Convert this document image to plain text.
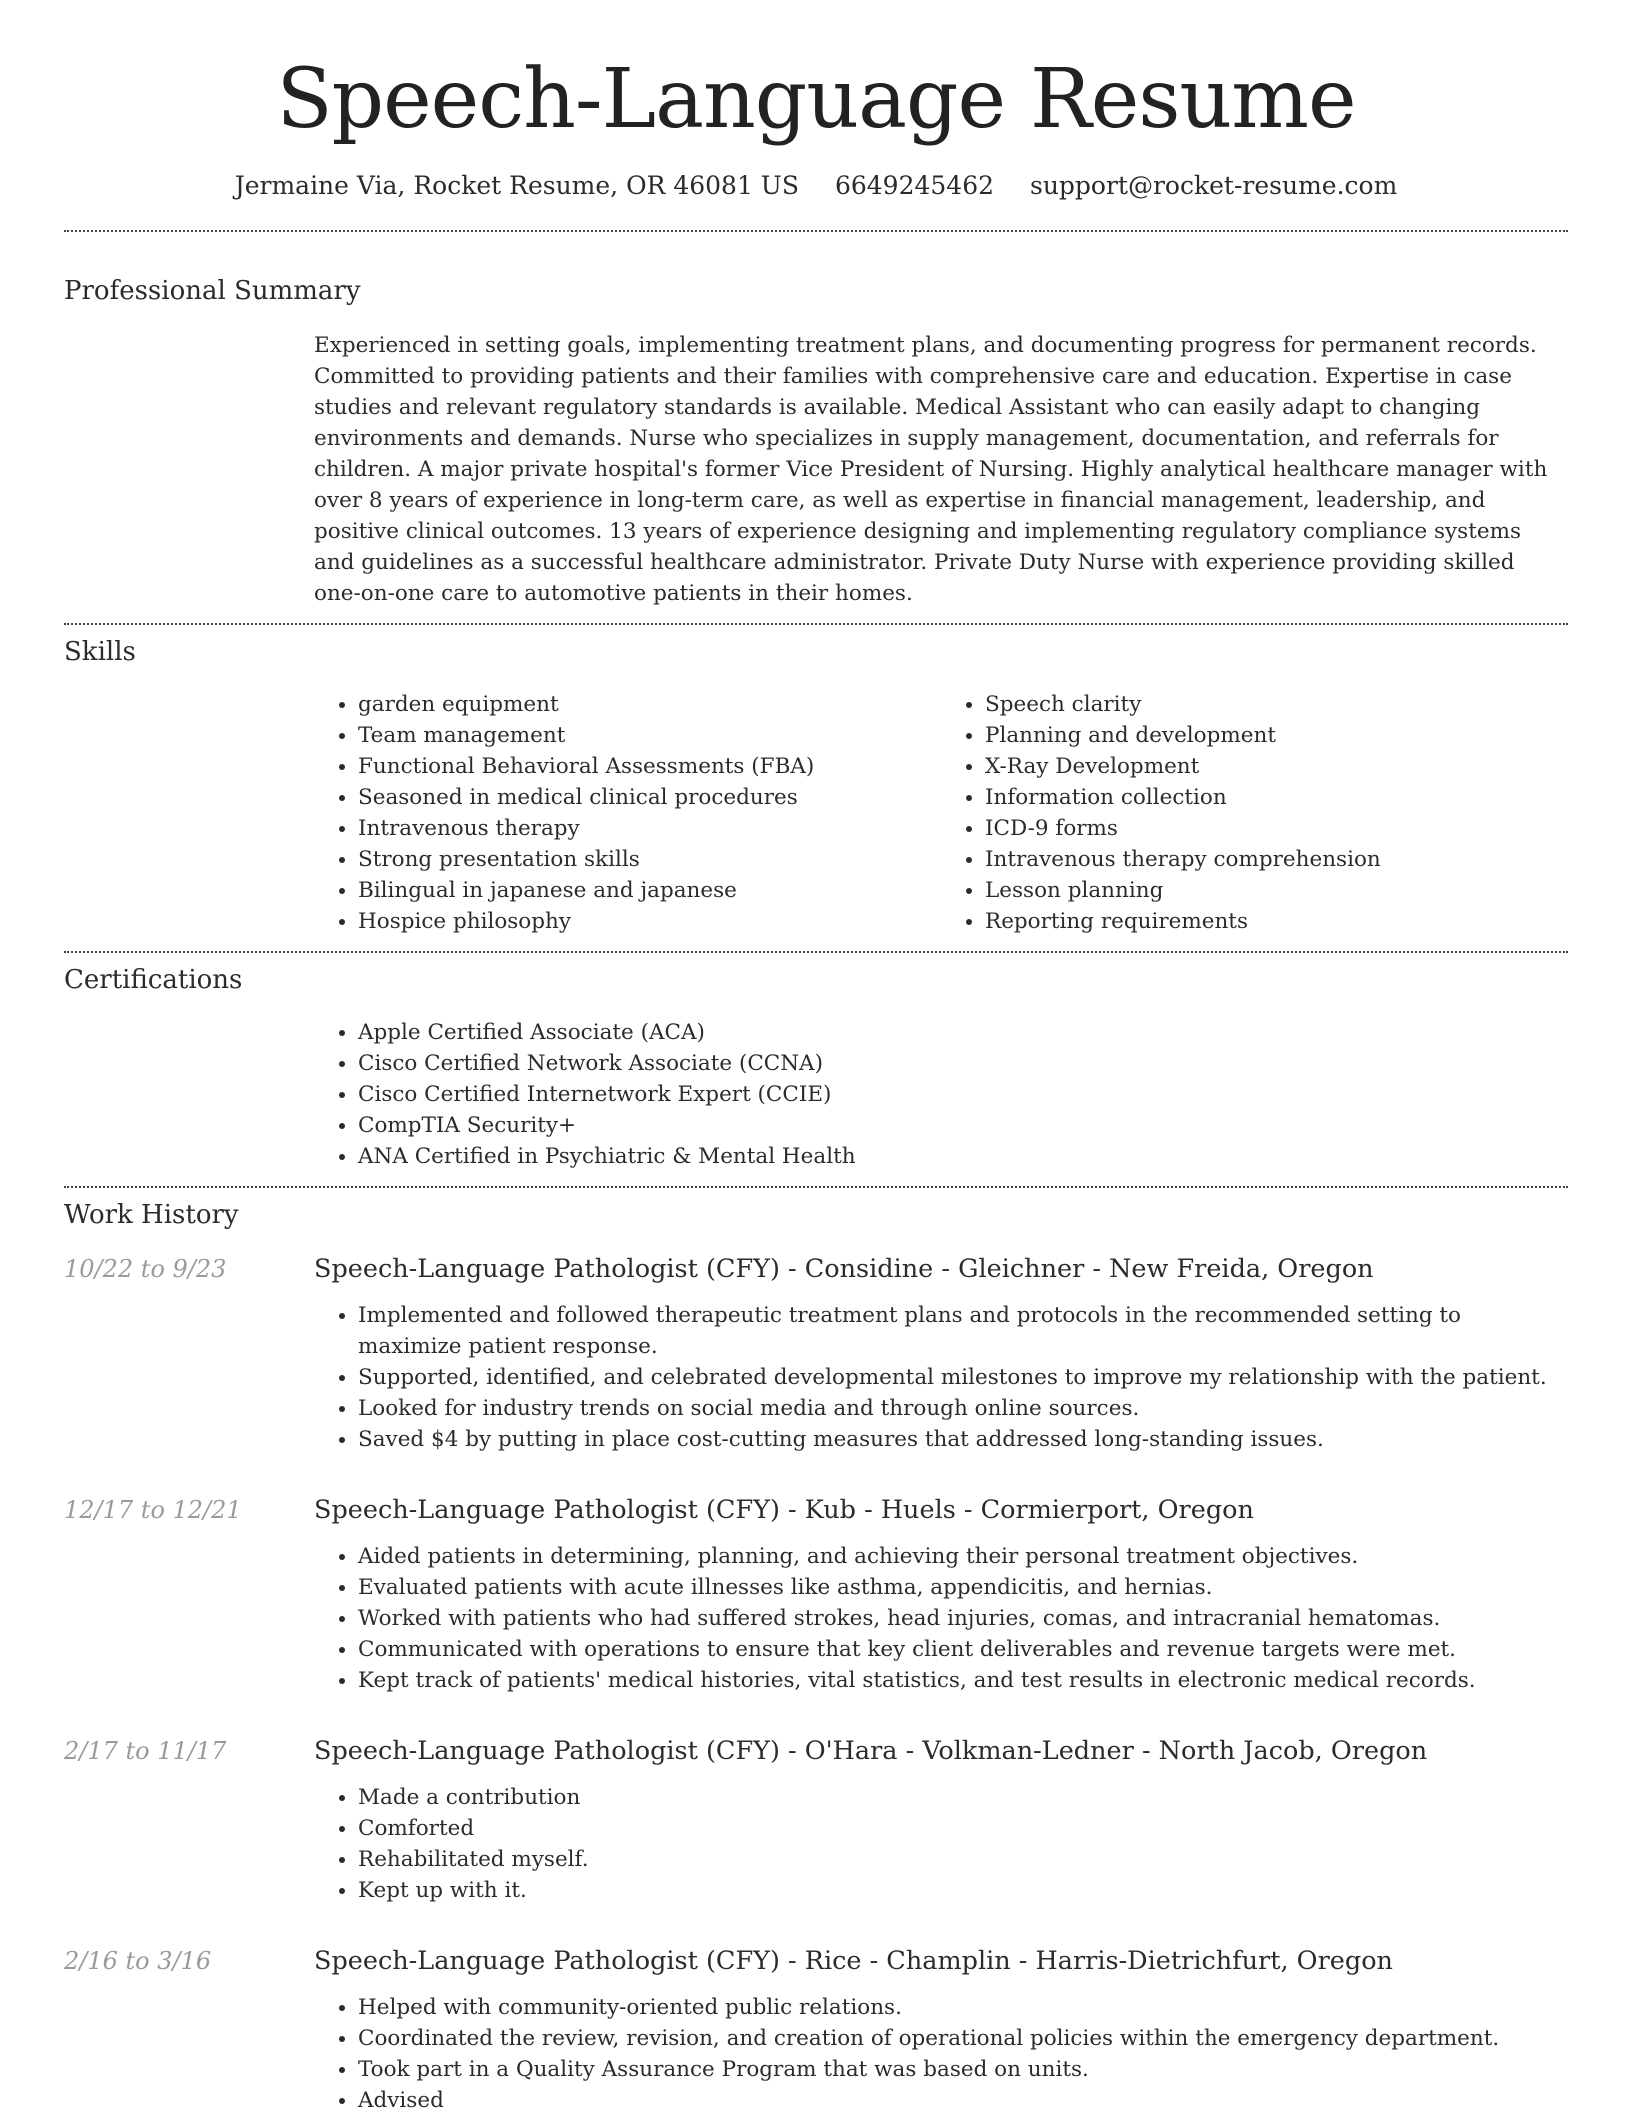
Speech-Language Resume
Jermaine Via, Rocket Resume, OR 46081 US 6649245462 support@rocket-resume.com
Professional Summary
Experienced in setting goals, implementing treatment plans, and documenting progress for permanent records. Committed to providing patients and their families with comprehensive care and education. Expertise in case studies and relevant regulatory standards is available. Medical Assistant who can easily adapt to changing environments and demands. Nurse who specializes in supply management, documentation, and referrals for children. A major private hospital's former Vice President of Nursing. Highly analytical healthcare manager with over 8 years of experience in long-term care, as well as expertise in financial management, leadership, and positive clinical outcomes. 13 years of experience designing and implementing regulatory compliance systems and guidelines as a successful healthcare administrator. Private Duty Nurse with experience providing skilled one-on-one care to automotive patients in their homes.
Skills
• garden equipment
• Team management
• Functional Behavioral Assessments (FBA)
• Seasoned in medical clinical procedures
• Intravenous therapy
• Strong presentation skills
• Bilingual in japanese and japanese
• Hospice philosophy
• Speech clarity
• Planning and development
• X-Ray Development
• Information collection
• ICD-9 forms
• Intravenous therapy comprehension
• Lesson planning
• Reporting requirements
Certifications
• Apple Certified Associate (ACA)
• Cisco Certified Network Associate (CCNA)
• Cisco Certified Internetwork Expert (CCIE)
• CompTIA Security+
• ANA Certified in Psychiatric & Mental Health
Work History
10/22 to 9/23	Speech-Language Pathologist (CFY) - Considine - Gleichner - New Freida, Oregon
• Implemented and followed therapeutic treatment plans and protocols in the recommended setting to maximize patient response.
• Supported, identified, and celebrated developmental milestones to improve my relationship with the patient.
• Looked for industry trends on social media and through online sources.
• Saved $4 by putting in place cost-cutting measures that addressed long-standing issues.
12/17 to 12/21	Speech-Language Pathologist (CFY) - Kub - Huels - Cormierport, Oregon
• Aided patients in determining, planning, and achieving their personal treatment objectives.
• Evaluated patients with acute illnesses like asthma, appendicitis, and hernias.
• Worked with patients who had suffered strokes, head injuries, comas, and intracranial hematomas.
• Communicated with operations to ensure that key client deliverables and revenue targets were met.
• Kept track of patients' medical histories, vital statistics, and test results in electronic medical records.
2/17 to 11/17	Speech-Language Pathologist (CFY) - O'Hara - Volkman-Ledner - North Jacob, Oregon
• Made a contribution
• Comforted
• Rehabilitated myself.
• Kept up with it.
2/16 to 3/16	Speech-Language Pathologist (CFY) - Rice - Champlin - Harris-Dietrichfurt, Oregon
• Helped with community-oriented public relations.
• Coordinated the review, revision, and creation of operational policies within the emergency department.
• Took part in a Quality Assurance Program that was based on units.
• Advised
